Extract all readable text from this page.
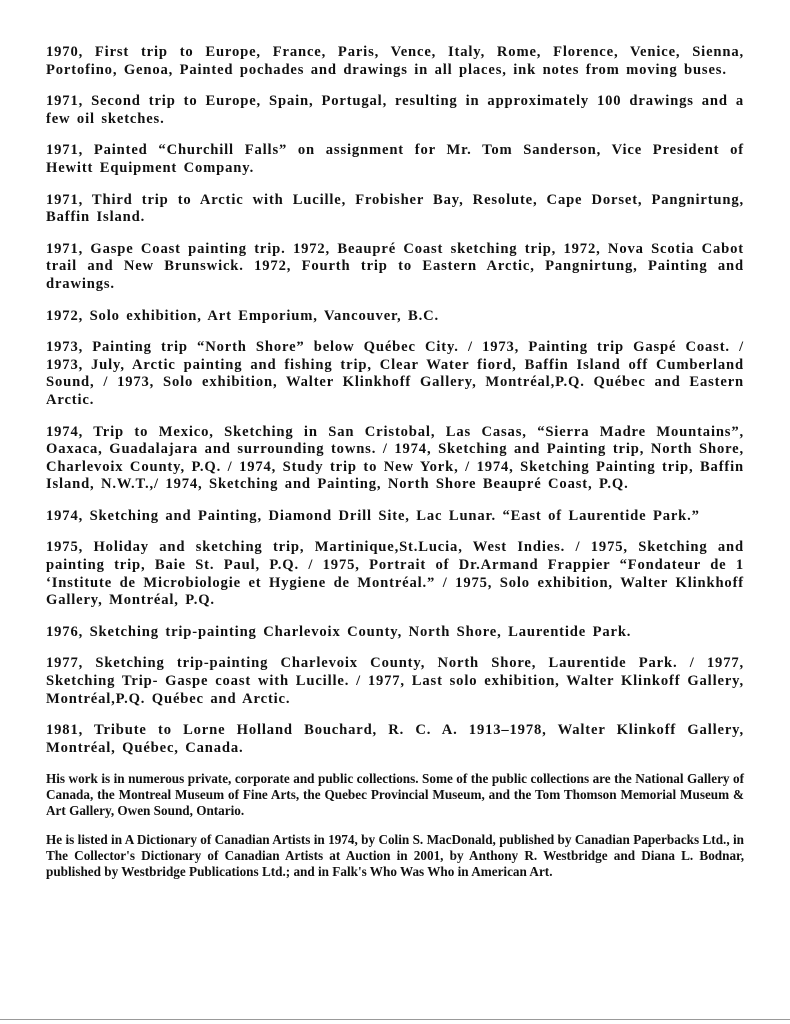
1970, First trip to Europe, France, Paris, Vence, Italy, Rome, Florence, Venice, Sienna, Portofino, Genoa, Painted pochades and drawings in all places, ink notes from moving buses.

1971, Second trip to Europe, Spain, Portugal, resulting in approximately 100 drawings and a few oil sketches.

1971, Painted “Churchill Falls” on assignment for Mr. Tom Sanderson, Vice President of Hewitt Equipment Company.

1971, Third trip to Arctic with Lucille, Frobisher Bay, Resolute, Cape Dorset, Pangnirtung, Baffin Island.

1971, Gaspe Coast painting trip. 1972, Beaupré Coast sketching trip, 1972, Nova Scotia Cabot trail and New Brunswick. 1972, Fourth trip to Eastern Arctic, Pangnirtung, Painting and drawings.

1972, Solo exhibition, Art Emporium, Vancouver, B.C.

1973, Painting trip “North Shore” below Québec City. / 1973, Painting trip Gaspé Coast. / 1973, July, Arctic painting and fishing trip, Clear Water fiord, Baffin Island off Cumberland Sound, / 1973, Solo exhibition, Walter Klinkhoff Gallery, Montréal,P.Q. Québec and Eastern Arctic.

1974, Trip to Mexico, Sketching in San Cristobal, Las Casas, “Sierra Madre Mountains”, Oaxaca, Guadalajara and surrounding towns. / 1974, Sketching and Painting trip, North Shore, Charlevoix County, P.Q. / 1974, Study trip to New York, / 1974, Sketching Painting trip, Baffin Island, N.W.T.,/ 1974, Sketching and Painting, North Shore Beaupré Coast, P.Q.

1974, Sketching and Painting, Diamond Drill Site, Lac Lunar. “East of Laurentide Park.”

1975, Holiday and sketching trip, Martinique,St.Lucia, West Indies. / 1975, Sketching and painting trip, Baie St. Paul, P.Q. / 1975, Portrait of Dr.Armand Frappier “Fondateur de 1 ‘Institute de Microbiologie et Hygiene de Montréal.” / 1975, Solo exhibition, Walter Klinkhoff Gallery, Montréal, P.Q.

1976, Sketching trip-painting Charlevoix County, North Shore, Laurentide Park.

1977, Sketching trip-painting Charlevoix County, North Shore, Laurentide Park. / 1977, Sketching Trip- Gaspe coast with Lucille. / 1977, Last solo exhibition, Walter Klinkoff Gallery, Montréal,P.Q. Québec and Arctic.

1981, Tribute to Lorne Holland Bouchard, R. C. A. 1913–1978, Walter Klinkoff Gallery, Montréal, Québec, Canada.

His work is in numerous private, corporate and public collections. Some of the public collections are the National Gallery of Canada, the Montreal Museum of Fine Arts, the Quebec Provincial Museum, and the Tom Thomson Memorial Museum & Art Gallery, Owen Sound, Ontario.

He is listed in A Dictionary of Canadian Artists in 1974, by Colin S. MacDonald, published by Canadian Paperbacks Ltd., in The Collector's Dictionary of Canadian Artists at Auction in 2001, by Anthony R. Westbridge and Diana L. Bodnar, published by Westbridge Publications Ltd.; and in Falk's Who Was Who in American Art.
